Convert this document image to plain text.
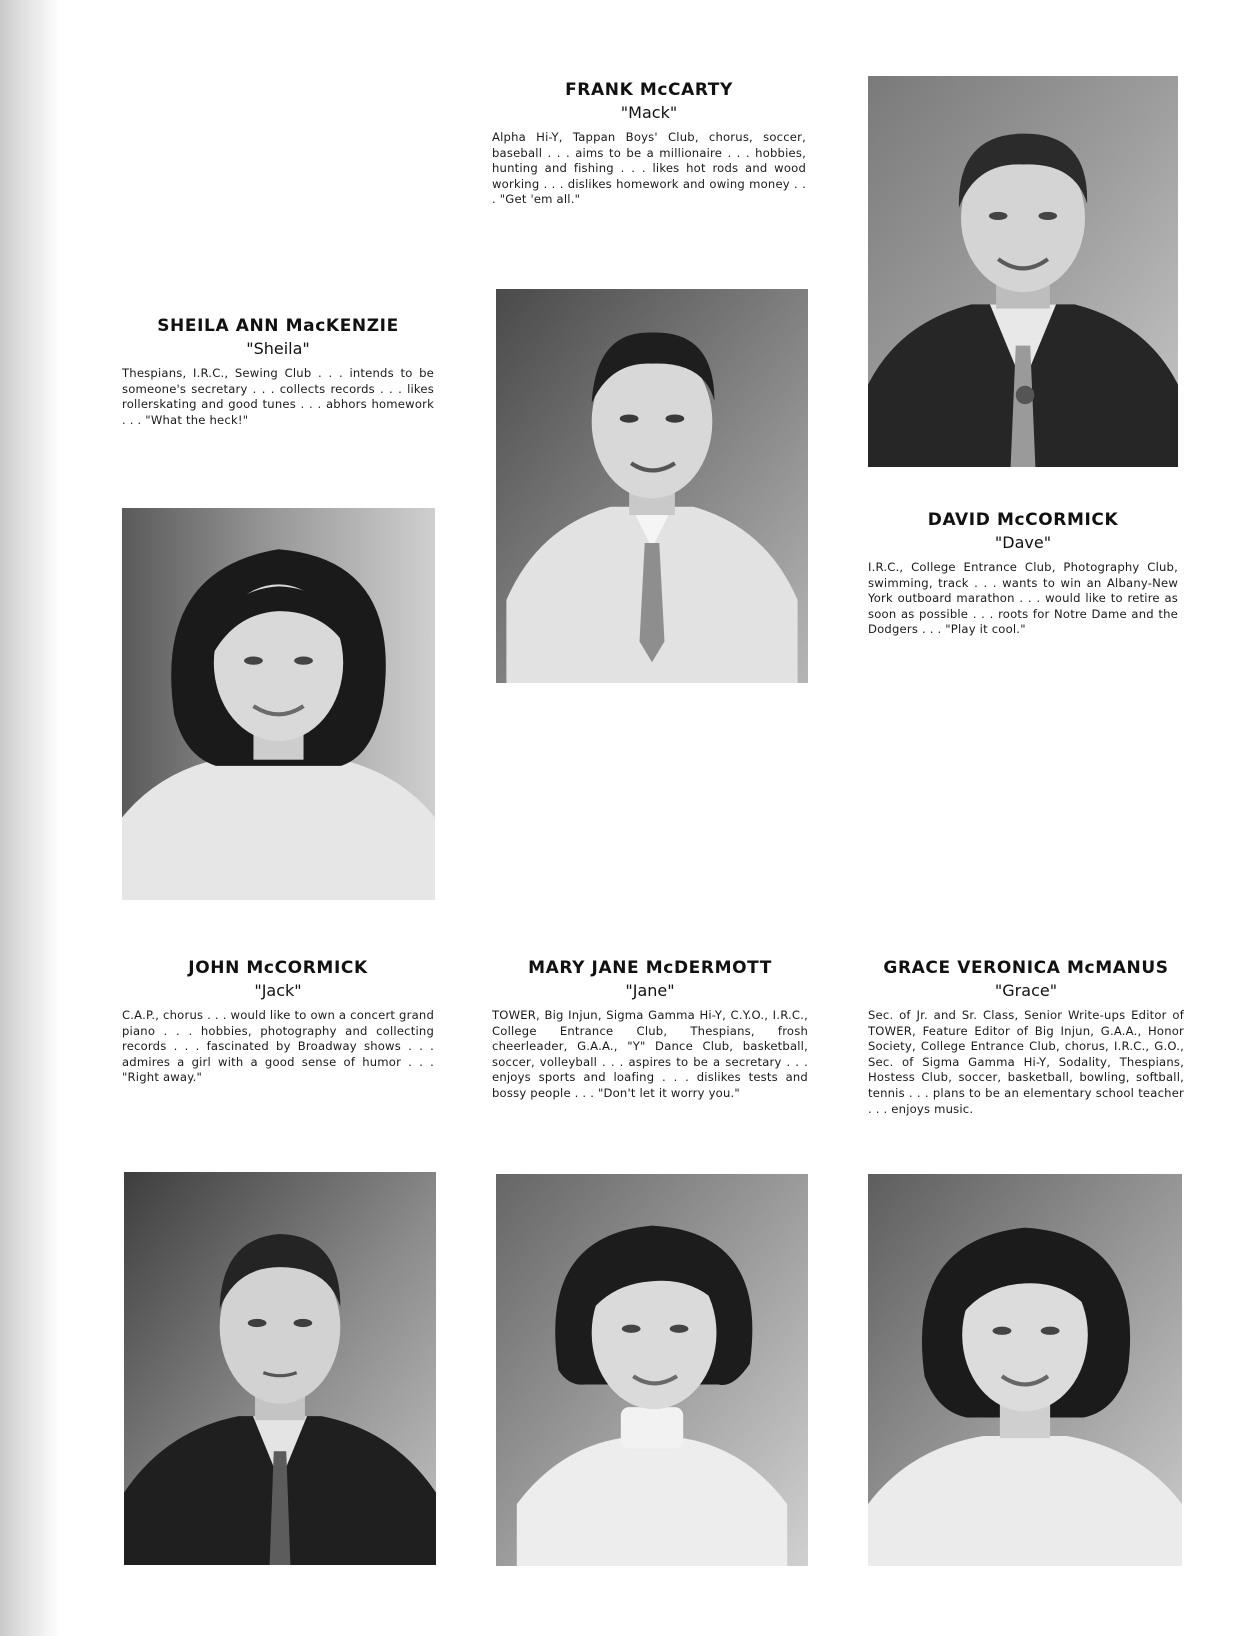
FRANK McCARTY

"Mack"

Alpha Hi-Y, Tappan Boys' Club, chorus, soccer, baseball . . . aims to be a millionaire . . . hobbies, hunting and fishing . . . likes hot rods and wood working . . . dislikes homework and owing money . . . "Get 'em all."

DAVID McCORMICK

"Dave"

I.R.C., College Entrance Club, Photography Club, swimming, track . . . wants to win an Albany-New York outboard marathon . . . would like to retire as soon as possible . . . roots for Notre Dame and the Dodgers . . . "Play it cool."

SHEILA ANN MacKENZIE

"Sheila"

Thespians, I.R.C., Sewing Club . . . intends to be someone's secretary . . . collects records . . . likes rollerskating and good tunes . . . abhors homework . . . "What the heck!"

JOHN McCORMICK

"Jack"

C.A.P., chorus . . . would like to own a concert grand piano . . . hobbies, photography and collecting records . . . fascinated by Broadway shows . . . admires a girl with a good sense of humor . . . "Right away."

MARY JANE McDERMOTT

"Jane"

TOWER, Big Injun, Sigma Gamma Hi-Y, C.Y.O., I.R.C., College Entrance Club, Thespians, frosh cheerleader, G.A.A., "Y" Dance Club, basketball, soccer, volleyball . . . aspires to be a secretary . . . enjoys sports and loafing . . . dislikes tests and bossy people . . . "Don't let it worry you."

GRACE VERONICA McMANUS

"Grace"

Sec. of Jr. and Sr. Class, Senior Write-ups Editor of TOWER, Feature Editor of Big Injun, G.A.A., Honor Society, College Entrance Club, chorus, I.R.C., G.O., Sec. of Sigma Gamma Hi-Y, Sodality, Thespians, Hostess Club, soccer, basketball, bowling, softball, tennis . . . plans to be an elementary school teacher . . . enjoys music.
